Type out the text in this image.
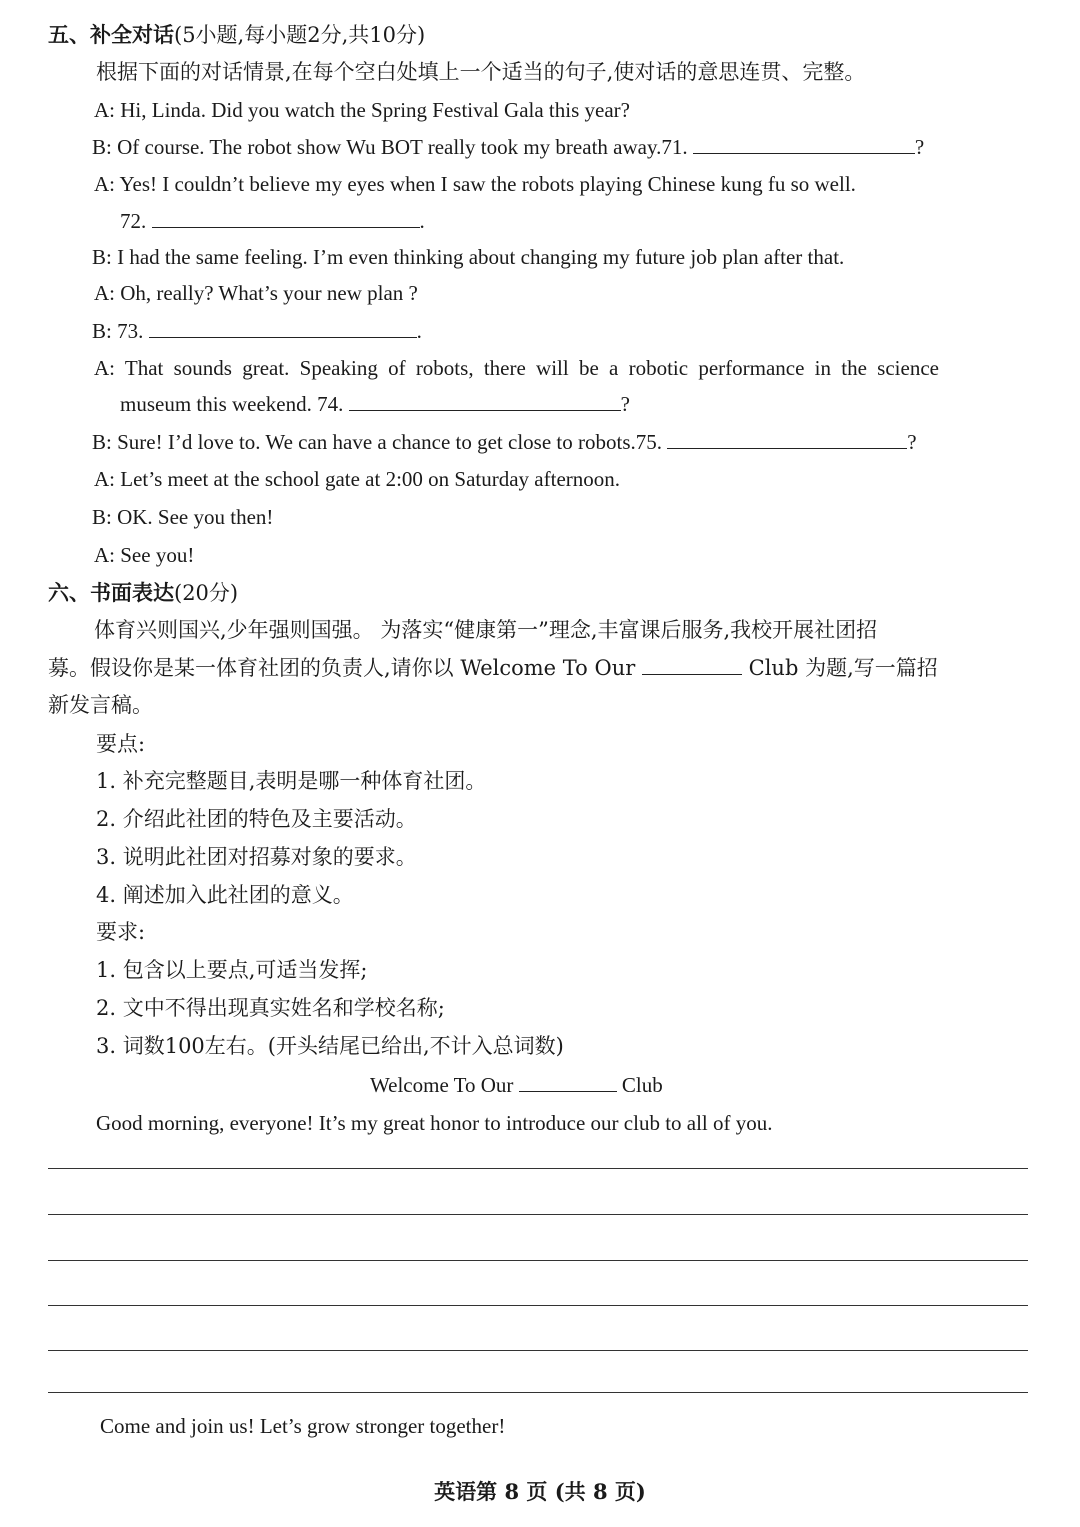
五、补全对话(5小题,每小题2分,共10分)
根据下面的对话情景,在每个空白处填上一个适当的句子,使对话的意思连贯、完整。
A: Hi, Linda. Did you watch the Spring Festival Gala this year?
B: Of course. The robot show Wu BOT really took my breath away.71.	?
A: Yes! I couldn’t believe my eyes when I saw the robots playing Chinese kung fu so well.
72.	.
B: I had the same feeling. I’m even thinking about changing my future job plan after that.
A: Oh, really? What’s your new plan ?
B: 73.	.
A: That sounds great. Speaking of robots, there will be a robotic performance in the science
museum this weekend. 74.	?
B: Sure! I’d love to. We can have a chance to get close to robots.75.	?
A: Let’s meet at the school gate at 2:00 on Saturday afternoon.
B: OK. See you then!
A: See you!
六、书面表达(20分)
体育兴则国兴,少年强则国强。 为落实“健康第一”理念,丰富课后服务,我校开展社团招
募。假设你是某一体育社团的负责人,请你以 Welcome To Our	Club 为题,写一篇招
新发言稿。
要点:
1. 补充完整题目,表明是哪一种体育社团。
2. 介绍此社团的特色及主要活动。
3. 说明此社团对招募对象的要求。
4. 阐述加入此社团的意义。
要求:
1. 包含以上要点,可适当发挥;
2. 文中不得出现真实姓名和学校名称;
3. 词数100左右。(开头结尾已给出,不计入总词数)
Welcome To Our	Club
Good morning, everyone! It’s my great honor to introduce our club to all of you.
Come and join us! Let’s grow stronger together!
英语第 8 页 (共 8 页)
